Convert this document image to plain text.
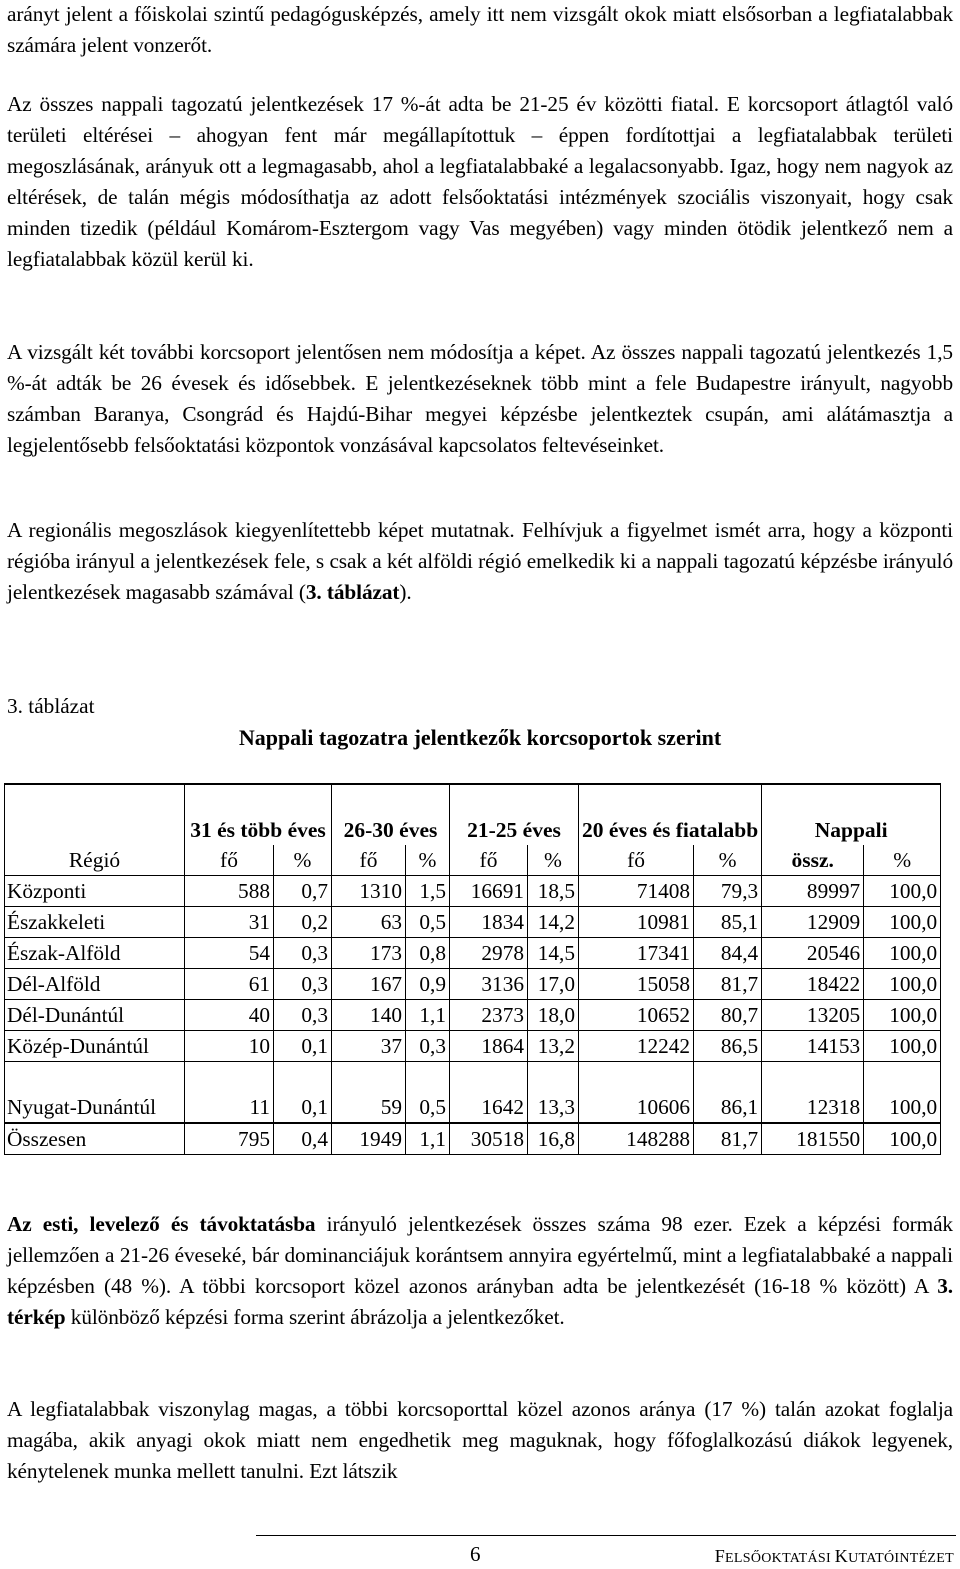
arányt jelent a főiskolai szintű pedagógusképzés, amely itt nem vizsgált okok miatt elsősorban a legfiatalabbak számára jelent vonzerőt.

Az összes nappali tagozatú jelentkezések 17 %-át adta be 21-25 év közötti fiatal. E korcsoport átlagtól való területi eltérései – ahogyan fent már megállapítottuk – éppen fordítottjai a legfiatalabbak területi megoszlásának, arányuk ott a legmagasabb, ahol a legfiatalabbaké a legalacsonyabb. Igaz, hogy nem nagyok az eltérések, de talán mégis módosíthatja az adott felsőoktatási intézmények szociális viszonyait, hogy csak minden tizedik (például Komárom-Esztergom vagy Vas megyében) vagy minden ötödik jelentkező nem a legfiatalabbak közül kerül ki.

A vizsgált két további korcsoport jelentősen nem módosítja a képet. Az összes nappali tagozatú jelentkezés 1,5 %-át adták be 26 évesek és idősebbek. E jelentkezéseknek több mint a fele Budapestre irányult, nagyobb számban Baranya, Csongrád és Hajdú-Bihar megyei képzésbe jelentkeztek csupán, ami alátámasztja a legjelentősebb felsőoktatási központok vonzásával kapcsolatos feltevéseinket.

A regionális megoszlások kiegyenlítettebb képet mutatnak. Felhívjuk a figyelmet ismét arra, hogy a központi régióba irányul a jelentkezések fele, s csak a két alföldi régió emelkedik ki a nappali tagozatú képzésbe irányuló jelentkezések magasabb számával (3. táblázat).

3. táblázat
Nappali tagozatra jelentkezők korcsoportok szerint
	31 és több éves		26-30 éves		21-25 éves		20 éves és fiatalabb		Nappali	
Régió	fő	%	fő	%	fő	%	fő	%	össz.	%
Központi	588	0,7	1310	1,5	16691	18,5	71408	79,3	89997	100,0
Északkeleti	31	0,2	63	0,5	1834	14,2	10981	85,1	12909	100,0
Észak-Alföld	54	0,3	173	0,8	2978	14,5	17341	84,4	20546	100,0
Dél-Alföld	61	0,3	167	0,9	3136	17,0	15058	81,7	18422	100,0
Dél-Dunántúl	40	0,3	140	1,1	2373	18,0	10652	80,7	13205	100,0
Közép-Dunántúl	10	0,1	37	0,3	1864	13,2	12242	86,5	14153	100,0
Nyugat-Dunántúl	11	0,1	59	0,5	1642	13,3	10606	86,1	12318	100,0
Összesen	795	0,4	1949	1,1	30518	16,8	148288	81,7	181550	100,0

Az esti, levelező és távoktatásba irányuló jelentkezések összes száma 98 ezer. Ezek a képzési formák jellemzően a 21-26 éveseké, bár dominanciájuk korántsem annyira egyértelmű, mint a legfiatalabbaké a nappali képzésben (48 %). A többi korcsoport közel azonos arányban adta be jelentkezését (16-18 % között) A 3. térkép különböző képzési forma szerint ábrázolja a jelentkezőket.

A legfiatalabbak viszonylag magas, a többi korcsoporttal közel azonos aránya (17 %) talán azokat foglalja magába, akik anyagi okok miatt nem engedhetik meg maguknak, hogy főfoglalkozású diákok legyenek, kénytelenek munka mellett tanulni. Ezt látszik

6	FELSŐOKTATÁSI KUTATÓINTÉZET
